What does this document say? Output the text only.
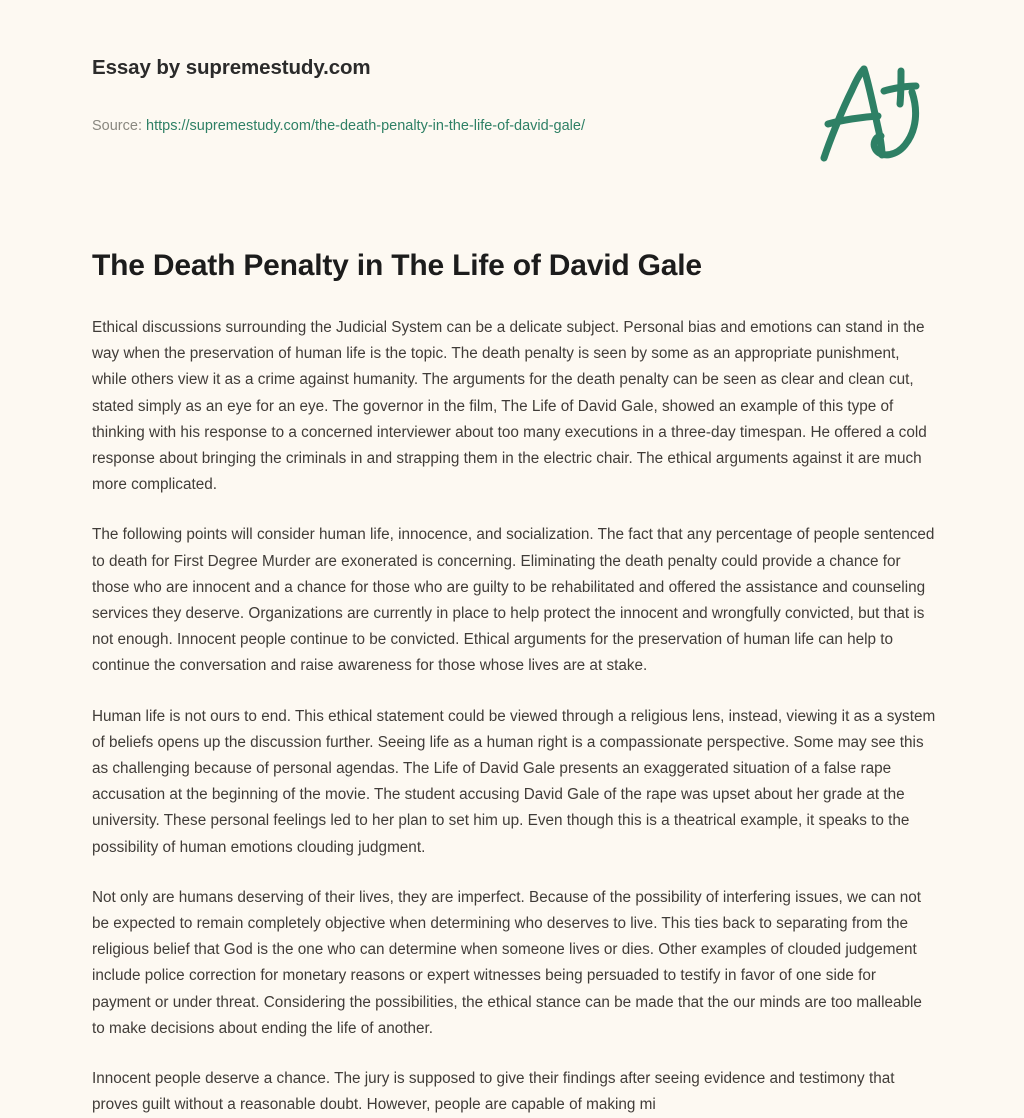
Essay by supremestudy.com
Source: https://supremestudy.com/the-death-penalty-in-the-life-of-david-gale/
The Death Penalty in The Life of David Gale

Ethical discussions surrounding the Judicial System can be a delicate subject. Personal bias and emotions can stand in the way when the preservation of human life is the topic. The death penalty is seen by some as an appropriate punishment, while others view it as a crime against humanity. The arguments for the death penalty can be seen as clear and clean cut, stated simply as an eye for an eye. The governor in the film, The Life of David Gale, showed an example of this type of thinking with his response to a concerned interviewer about too many executions in a three-day timespan. He offered a cold response about bringing the criminals in and strapping them in the electric chair. The ethical arguments against it are much more complicated.

The following points will consider human life, innocence, and socialization. The fact that any percentage of people sentenced to death for First Degree Murder are exonerated is concerning. Eliminating the death penalty could provide a chance for those who are innocent and a chance for those who are guilty to be rehabilitated and offered the assistance and counseling services they deserve. Organizations are currently in place to help protect the innocent and wrongfully convicted, but that is not enough. Innocent people continue to be convicted. Ethical arguments for the preservation of human life can help to continue the conversation and raise awareness for those whose lives are at stake.

Human life is not ours to end. This ethical statement could be viewed through a religious lens, instead, viewing it as a system of beliefs opens up the discussion further. Seeing life as a human right is a compassionate perspective. Some may see this as challenging because of personal agendas. The Life of David Gale presents an exaggerated situation of a false rape accusation at the beginning of the movie. The student accusing David Gale of the rape was upset about her grade at the university. These personal feelings led to her plan to set him up. Even though this is a theatrical example, it speaks to the possibility of human emotions clouding judgment.

Not only are humans deserving of their lives, they are imperfect. Because of the possibility of interfering issues, we can not be expected to remain completely objective when determining who deserves to live. This ties back to separating from the religious belief that God is the one who can determine when someone lives or dies. Other examples of clouded judgement include police correction for monetary reasons or expert witnesses being persuaded to testify in favor of one side for payment or under threat. Considering the possibilities, the ethical stance can be made that the our minds are too malleable to make decisions about ending the life of another.

Innocent people deserve a chance. The jury is supposed to give their findings after seeing evidence and testimony that proves guilt without a reasonable doubt. However, people are capable of making mi
